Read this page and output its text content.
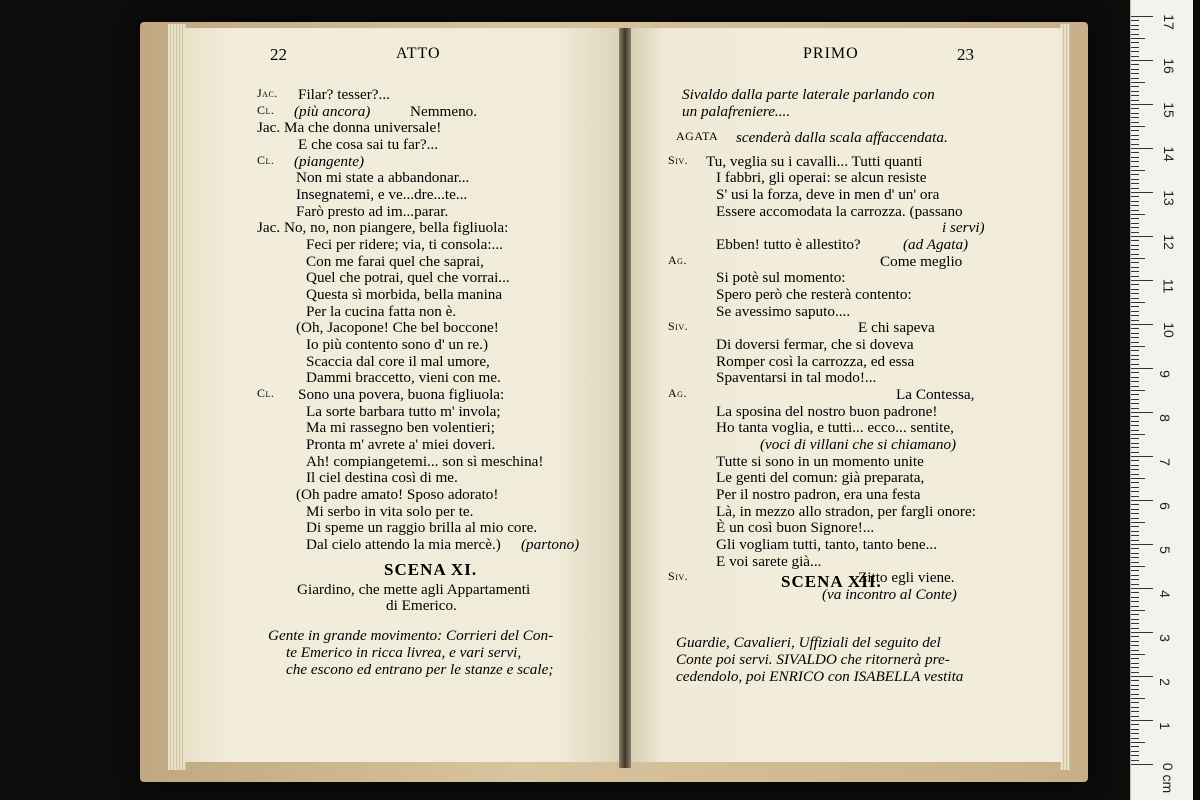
22	ATTO	PRIMO	23
Jac. Filar? tesser?...
Cl. (più ancora)	Nemmeno.
Jac. Ma che donna universale!
E che cosa sai tu far?...
Cl. (piangente)
Non mi state a abbandonar...
Insegnatemi, e ve...dre...te...
Farò presto ad im...parar.
Jac. No, no, non piangere, bella figliuola:
Feci per ridere; via, ti consola:...
Con me farai quel che saprai,
Quel che potrai, quel che vorrai...
Questa sì morbida, bella manina
Per la cucina fatta non è.
(Oh, Jacopone! Che bel boccone!
Io più contento sono d' un re.)
Scaccia dal core il mal umore,
Dammi braccetto, vieni con me.
Cl. Sono una povera, buona figliuola:
La sorte barbara tutto m' invola;
Ma mi rassegno ben volentieri;
Pronta m' avrete a' miei doveri.
Ah! compiangetemi... son sì meschina!
Il ciel destina così di me.
(Oh padre amato! Sposo adorato!
Mi serbo in vita solo per te.
Di speme un raggio brilla al mio core.
Dal cielo attendo la mia mercè.) (partono)
Giardino, che mette agli Appartamenti
di Emerico.
Gente in grande movimento: Corrieri del Con-
te Emerico in ricca livrea, e vari servi,
che escono ed entrano per le stanze e scale;
Sivaldo dalla parte laterale parlando con
un palafreniere....
AGATA scenderà dalla scala affaccendata.
Siv. Tu, veglia su i cavalli... Tutti quanti
I fabbri, gli operai: se alcun resiste
S' usi la forza, deve in men d' un' ora
Essere accomodata la carrozza. (passano
i servi)
Ebben! tutto è allestito?	(ad Agata)
Ag.	Come meglio
Si potè sul momento:
Spero però che resterà contento:
Se avessimo saputo....
Siv.	E chi sapeva
Di doversi fermar, che si doveva
Romper così la carrozza, ed essa
Spaventarsi in tal modo!...
Ag.	La Contessa,
La sposina del nostro buon padrone!
Ho tanta voglia, e tutti... ecco... sentite,
(voci di villani che si chiamano)
Tutte si sono in un momento unite
Le genti del comun: già preparata,
Per il nostro padron, era una festa
Là, in mezzo allo stradon, per fargli onore:
È un così buon Signore!...
Gli vogliam tutti, tanto, tanto bene...
E voi sarete già...
Siv.	Zitto egli viene.
(va incontro al Conte)
Guardie, Cavalieri, Uffiziali del seguito del
Conte poi servi. SIVALDO che ritornerà pre-
cedendolo, poi ENRICO con ISABELLA vestita
SCENA XI.
SCENA XII.
17
16
15
14
13
12
11
10
9
8
7
6
5
4
3
2
1
0 cm
